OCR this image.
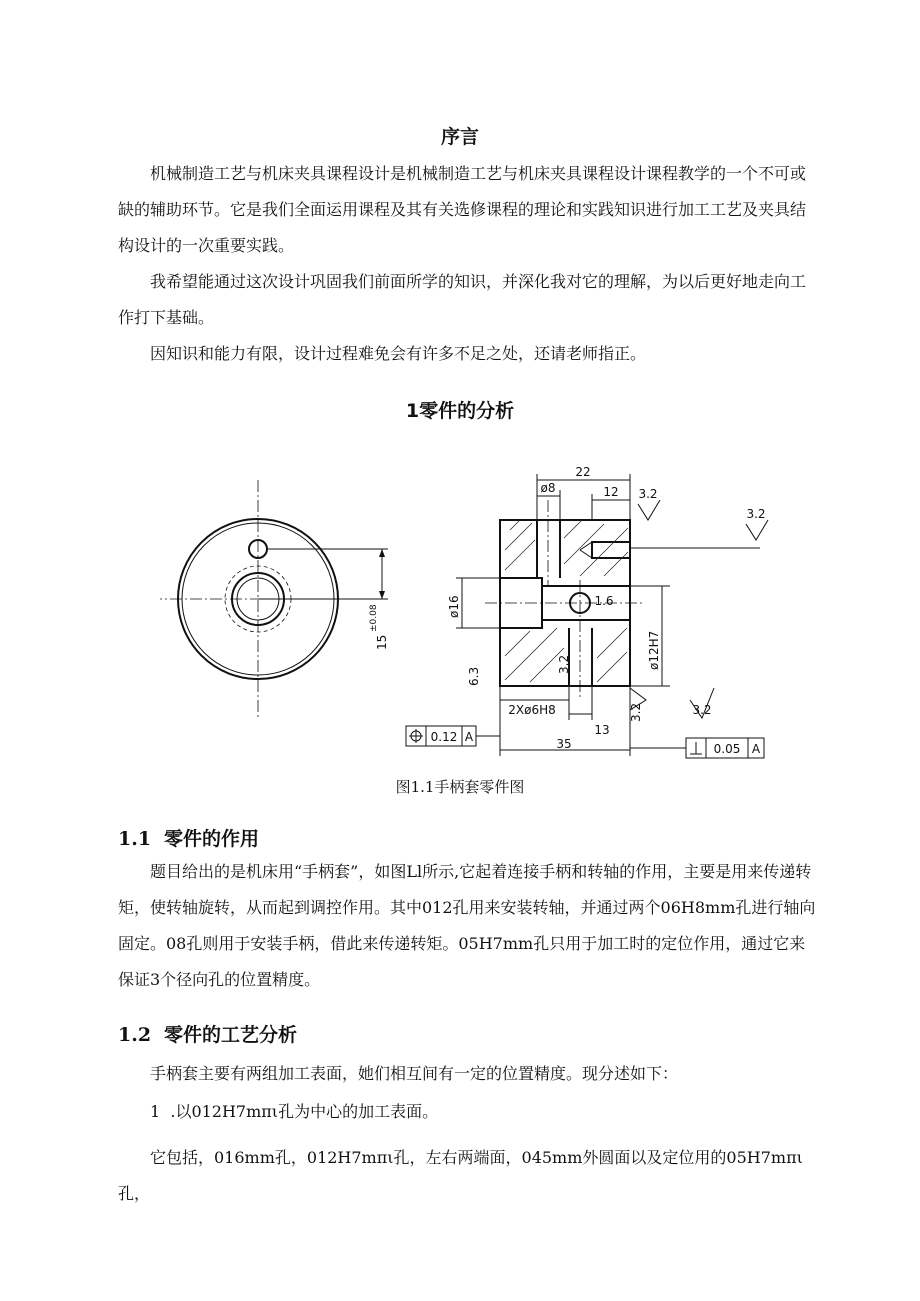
序言

机械制造工艺与机床夹具课程设计是机械制造工艺与机床夹具课程设计课程教学的一个不可或缺的辅助环节。它是我们全面运用课程及其有关选修课程的理论和实践知识进行加工工艺及夹具结构设计的一次重要实践。

我希望能通过这次设计巩固我们前面所学的知识，并深化我对它的理解，为以后更好地走向工作打下基础。

因知识和能力有限，设计过程难免会有许多不足之处，还请老师指正。

1零件的分析
15
±0.08
22
ø8	12 3.2
3.2
ø16	1.6
ø12H7
6.3
3.2
2Xø6H8	3.2	3.2
13
35
0.12 A
0.05 A
图1.1手柄套零件图
1.1 零件的作用

题目给出的是机床用“手柄套”，如图Ll所示,它起着连接手柄和转轴的作用，主要是用来传递转矩，使转轴旋转，从而起到调控作用。其中012孔用来安装转轴，并通过两个06H8mm孔进行轴向固定。08孔则用于安装手柄，借此来传递转矩。05H7mm孔只用于加工时的定位作用，通过它来保证3个径向孔的位置精度。

1.2 零件的工艺分析

手柄套主要有两组加工表面，她们相互间有一定的位置精度。现分述如下：

1  .以012H7mπι孔为中心的加工表面。

它包括，016mm孔，012H7mπι孔，左右两端面，045mm外圆面以及定位用的05H7mπι孔，
